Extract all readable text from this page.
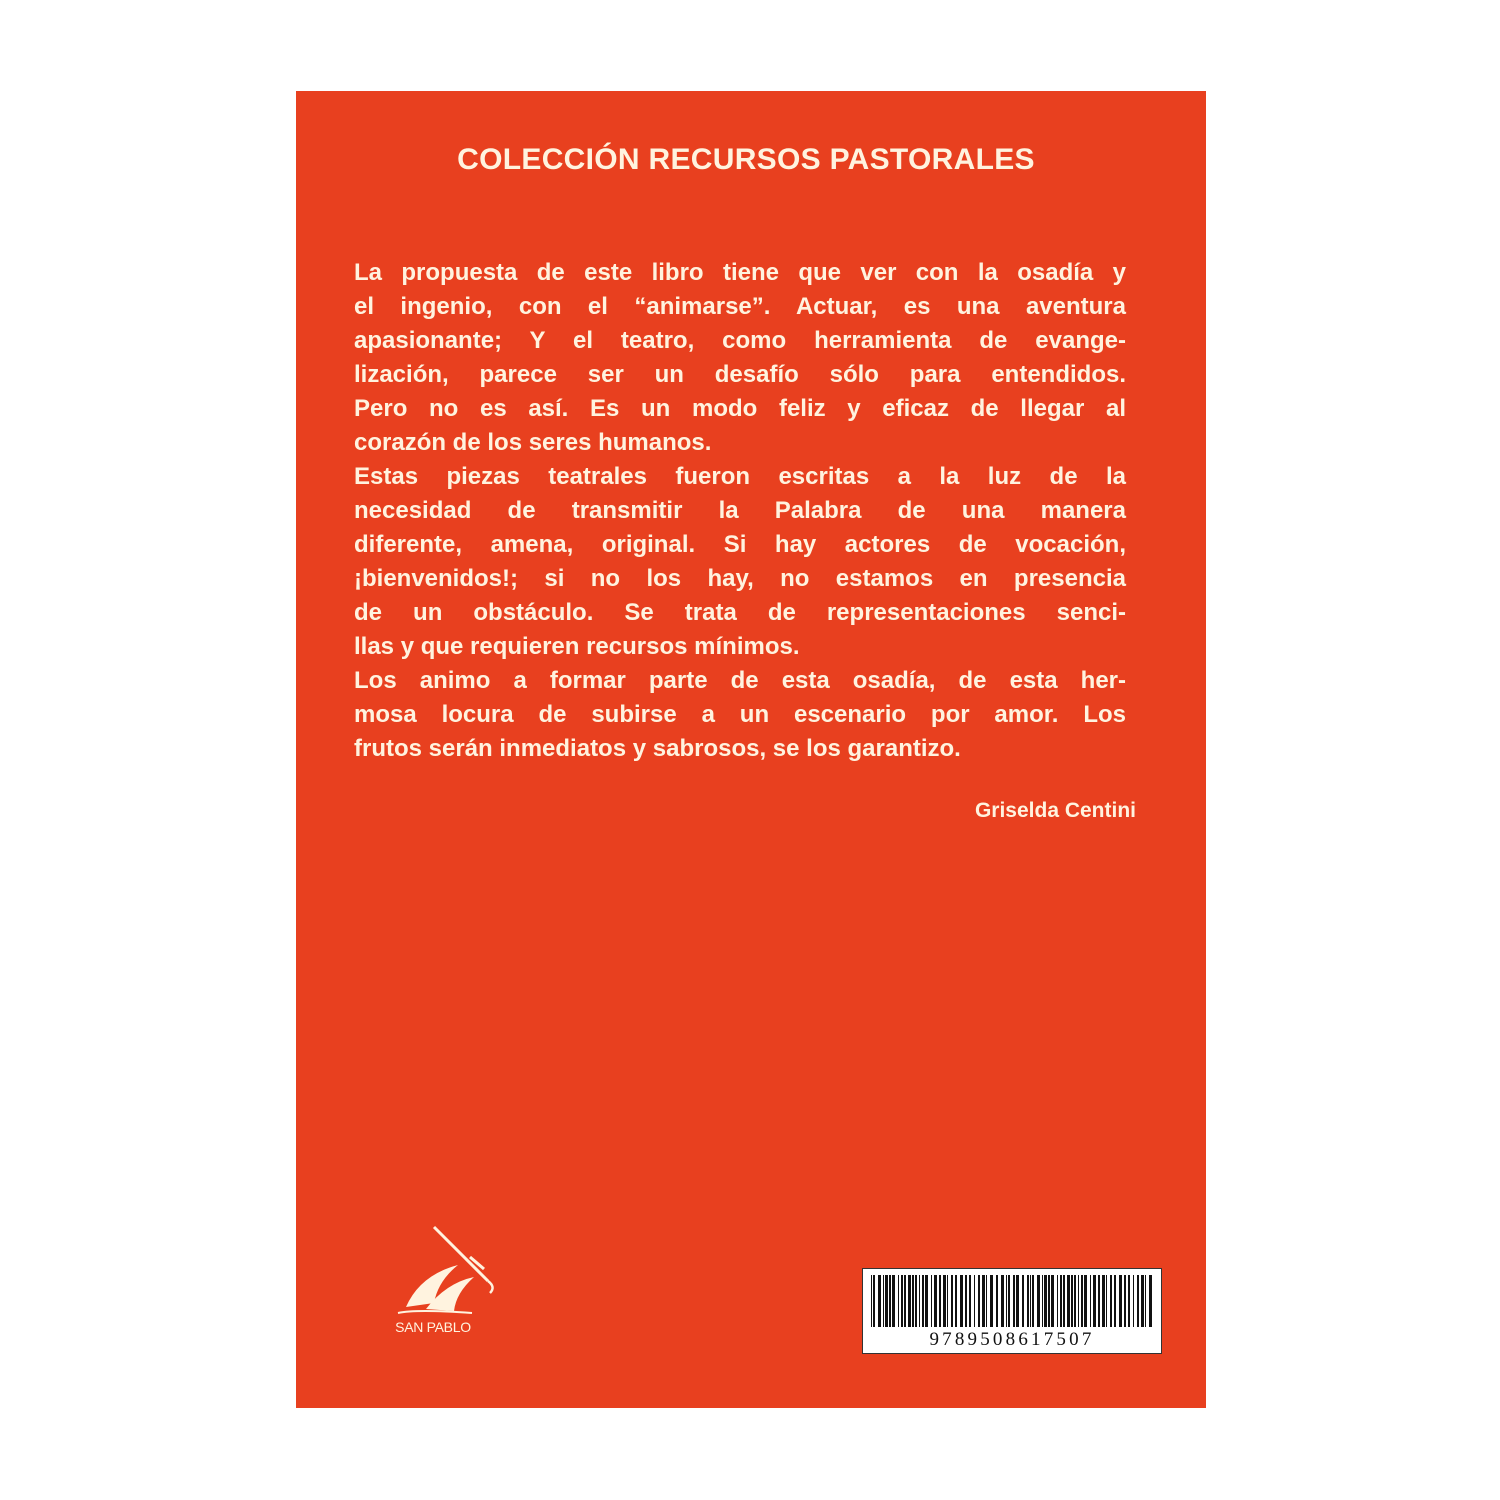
COLECCIÓN RECURSOS PASTORALES
La propuesta de este libro tiene que ver con la osadía y
el ingenio, con el “animarse”. Actuar, es una aventura
apasionante; Y el teatro, como herramienta de evange-
lización, parece ser un desafío sólo para entendidos.
Pero no es así. Es un modo feliz y eficaz de llegar al
corazón de los seres humanos.
Estas piezas teatrales fueron escritas a la luz de la
necesidad de transmitir la Palabra de una manera
diferente, amena, original. Si hay actores de vocación,
¡bienvenidos!; si no los hay, no estamos en presencia
de un obstáculo. Se trata de representaciones senci-
llas y que requieren recursos mínimos.
Los animo a formar parte de esta osadía, de esta her-
mosa locura de subirse a un escenario por amor. Los
frutos serán inmediatos y sabrosos, se los garantizo.

Griselda Centini

SAN PABLO
9789508617507
